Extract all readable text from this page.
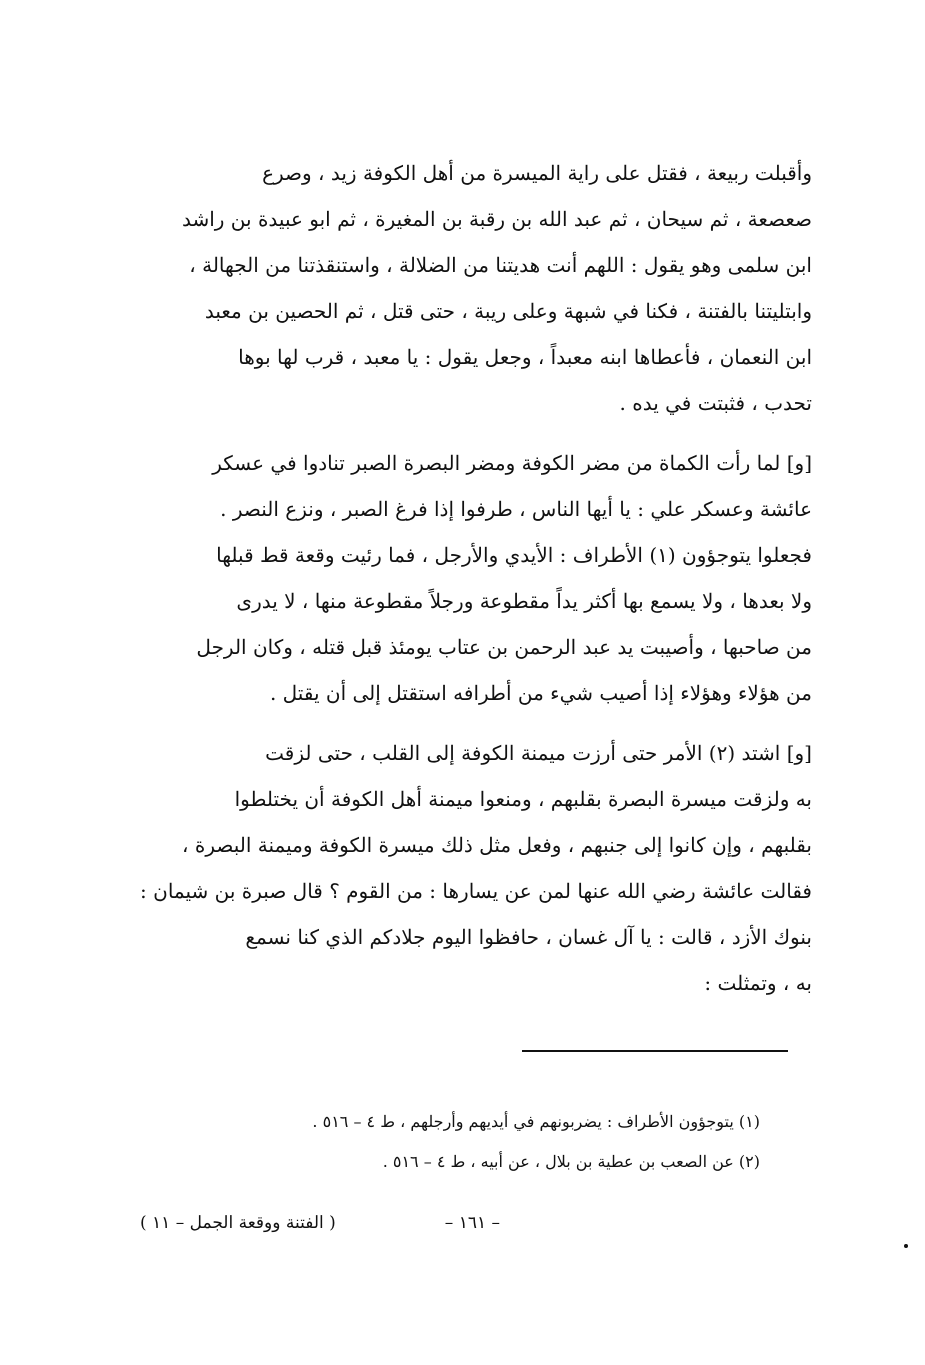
وأقبلت ربيعة ، فقتل على راية الميسرة من أهل الكوفة زيد ، وصرع
صعصعة ، ثم سيحان ، ثم عبد الله بن رقبة بن المغيرة ، ثم ابو عبيدة بن راشد
ابن سلمى وهو يقول : اللهم أنت هديتنا من الضلالة ، واستنقذتنا من الجهالة ،
وابتليتنا بالفتنة ، فكنا في شبهة وعلى ريبة ، حتى قتل ، ثم الحصين بن معبد
ابن النعمان ، فأعطاها ابنه معبداً ، وجعل يقول : يا معبد ، قرب لها بوها
تحدب ، فثبتت في يده .
[و] لما رأت الكماة من مضر الكوفة ومضر البصرة الصبر تنادوا في عسكر
عائشة وعسكر علي : يا أيها الناس ، طرفوا إذا فرغ الصبر ، ونزع النصر .
فجعلوا يتوجؤون (١) الأطراف : الأيدي والأرجل ، فما رئيت وقعة قط قبلها
ولا بعدها ، ولا يسمع بها أكثر يداً مقطوعة ورجلاً مقطوعة منها ، لا يدرى
من صاحبها ، وأصيبت يد عبد الرحمن بن عتاب يومئذ قبل قتله ، وكان الرجل
من هؤلاء وهؤلاء إذا أصيب شيء من أطرافه استقتل إلى أن يقتل .
[و] اشتد (٢) الأمر حتى أرزت ميمنة الكوفة إلى القلب ، حتى لزقت
به ولزقت ميسرة البصرة بقلبهم ، ومنعوا ميمنة أهل الكوفة أن يختلطوا
بقلبهم ، وإن كانوا إلى جنبهم ، وفعل مثل ذلك ميسرة الكوفة وميمنة البصرة ،
فقالت عائشة رضي الله عنها لمن عن يسارها : من القوم ؟ قال صبرة بن شيمان :
بنوك الأزد ، قالت : يا آل غسان ، حافظوا اليوم جلادكم الذي كنا نسمع
به ، وتمثلت :
(١) يتوجؤون الأطراف : يضربونهم في أيديهم وأرجلهم ، ط ٤ – ٥١٦ .
(٢) عن الصعب بن عطية بن بلال ، عن أبيه ، ط ٤ – ٥١٦ .
– ١٦١ –
( الفتنة ووقعة الجمل – ١١ )
